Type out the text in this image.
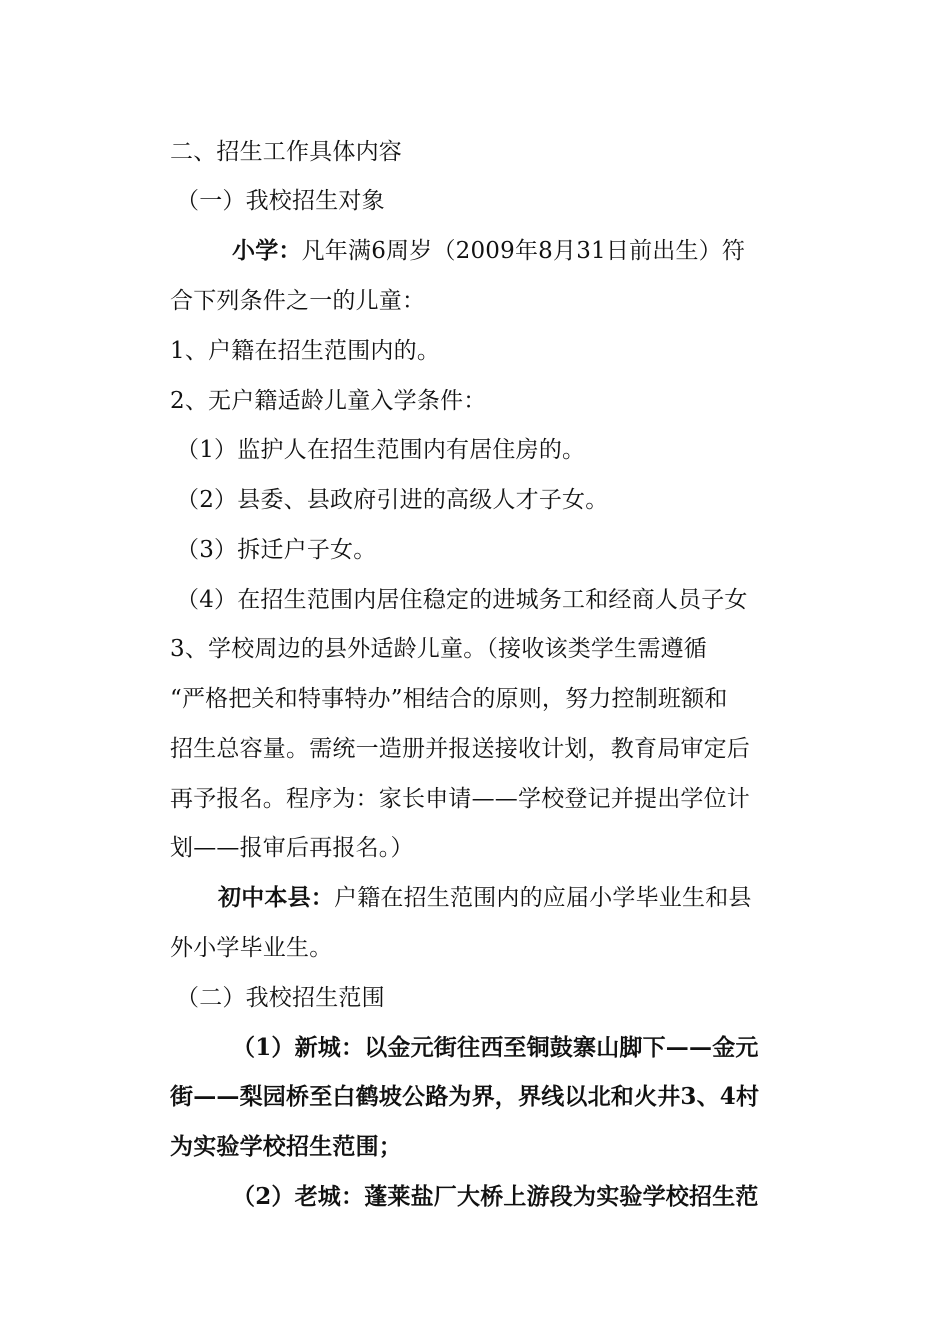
二、招生工作具体内容
（一）我校招生对象
小学：凡年满6周岁（2009年8月31日前出生）符
合下列条件之一的儿童：
1、户籍在招生范围内的。
2、无户籍适龄儿童入学条件：
（1）监护人在招生范围内有居住房的。
（2）县委、县政府引进的高级人才子女。
（3）拆迁户子女。
（4）在招生范围内居住稳定的进城务工和经商人员子女
3、学校周边的县外适龄儿童。（接收该类学生需遵循
“严格把关和特事特办”相结合的原则，努力控制班额和
招生总容量。需统一造册并报送接收计划，教育局审定后
再予报名。程序为：家长申请——学校登记并提出学位计
划——报审后再报名。）
初中本县：户籍在招生范围内的应届小学毕业生和县
外小学毕业生。
（二）我校招生范围
（1）新城：以金元街往西至铜鼓寨山脚下——金元
街——梨园桥至白鹤坡公路为界，界线以北和火井3、4村
为实验学校招生范围；
（2）老城：蓬莱盐厂大桥上游段为实验学校招生范
